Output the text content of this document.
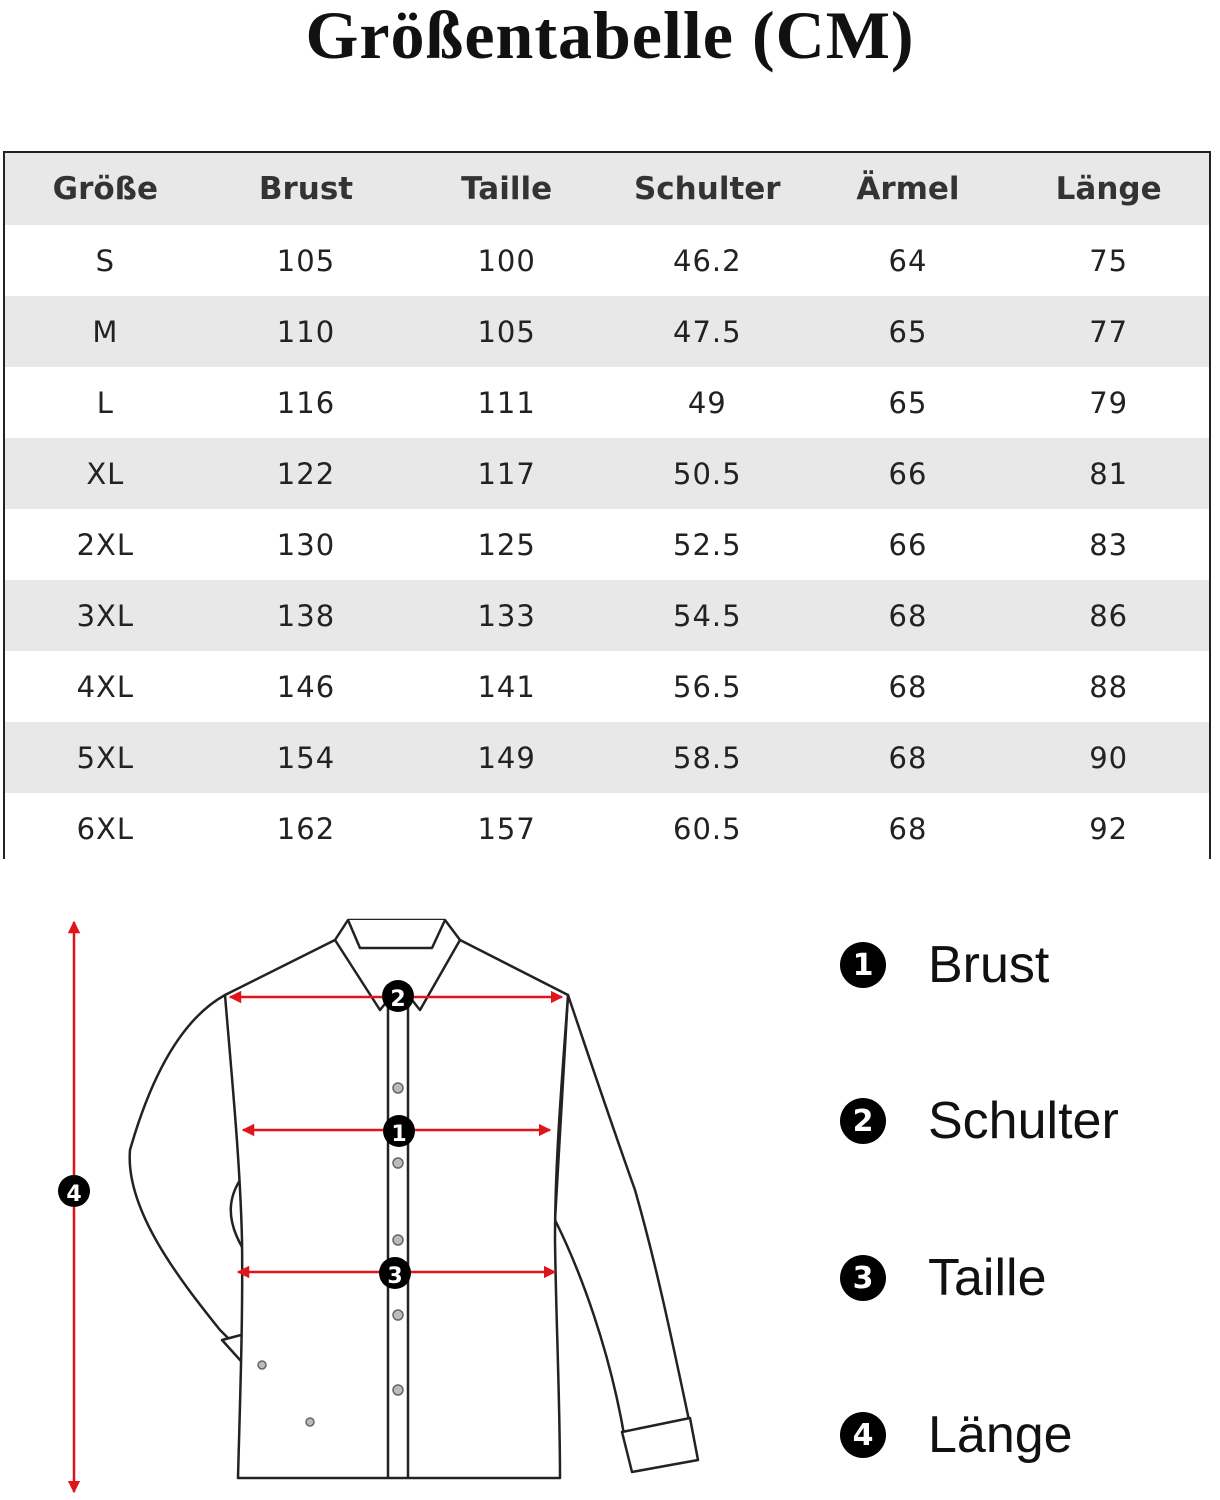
Größentabelle (CM)
Größe	Brust	Taille	Schulter	Ärmel	Länge
S	105	100	46.2	64	75
M	110	105	47.5	65	77
L	116	111	49	65	79
XL	122	117	50.5	66	81
2XL	130	125	52.5	66	83
3XL	138	133	54.5	68	86
4XL	146	141	56.5	68	88
5XL	154	149	58.5	68	90
6XL	162	157	60.5	68	92
1
2
3
4
1 Brust
2 Schulter
3 Taille
4 Länge
